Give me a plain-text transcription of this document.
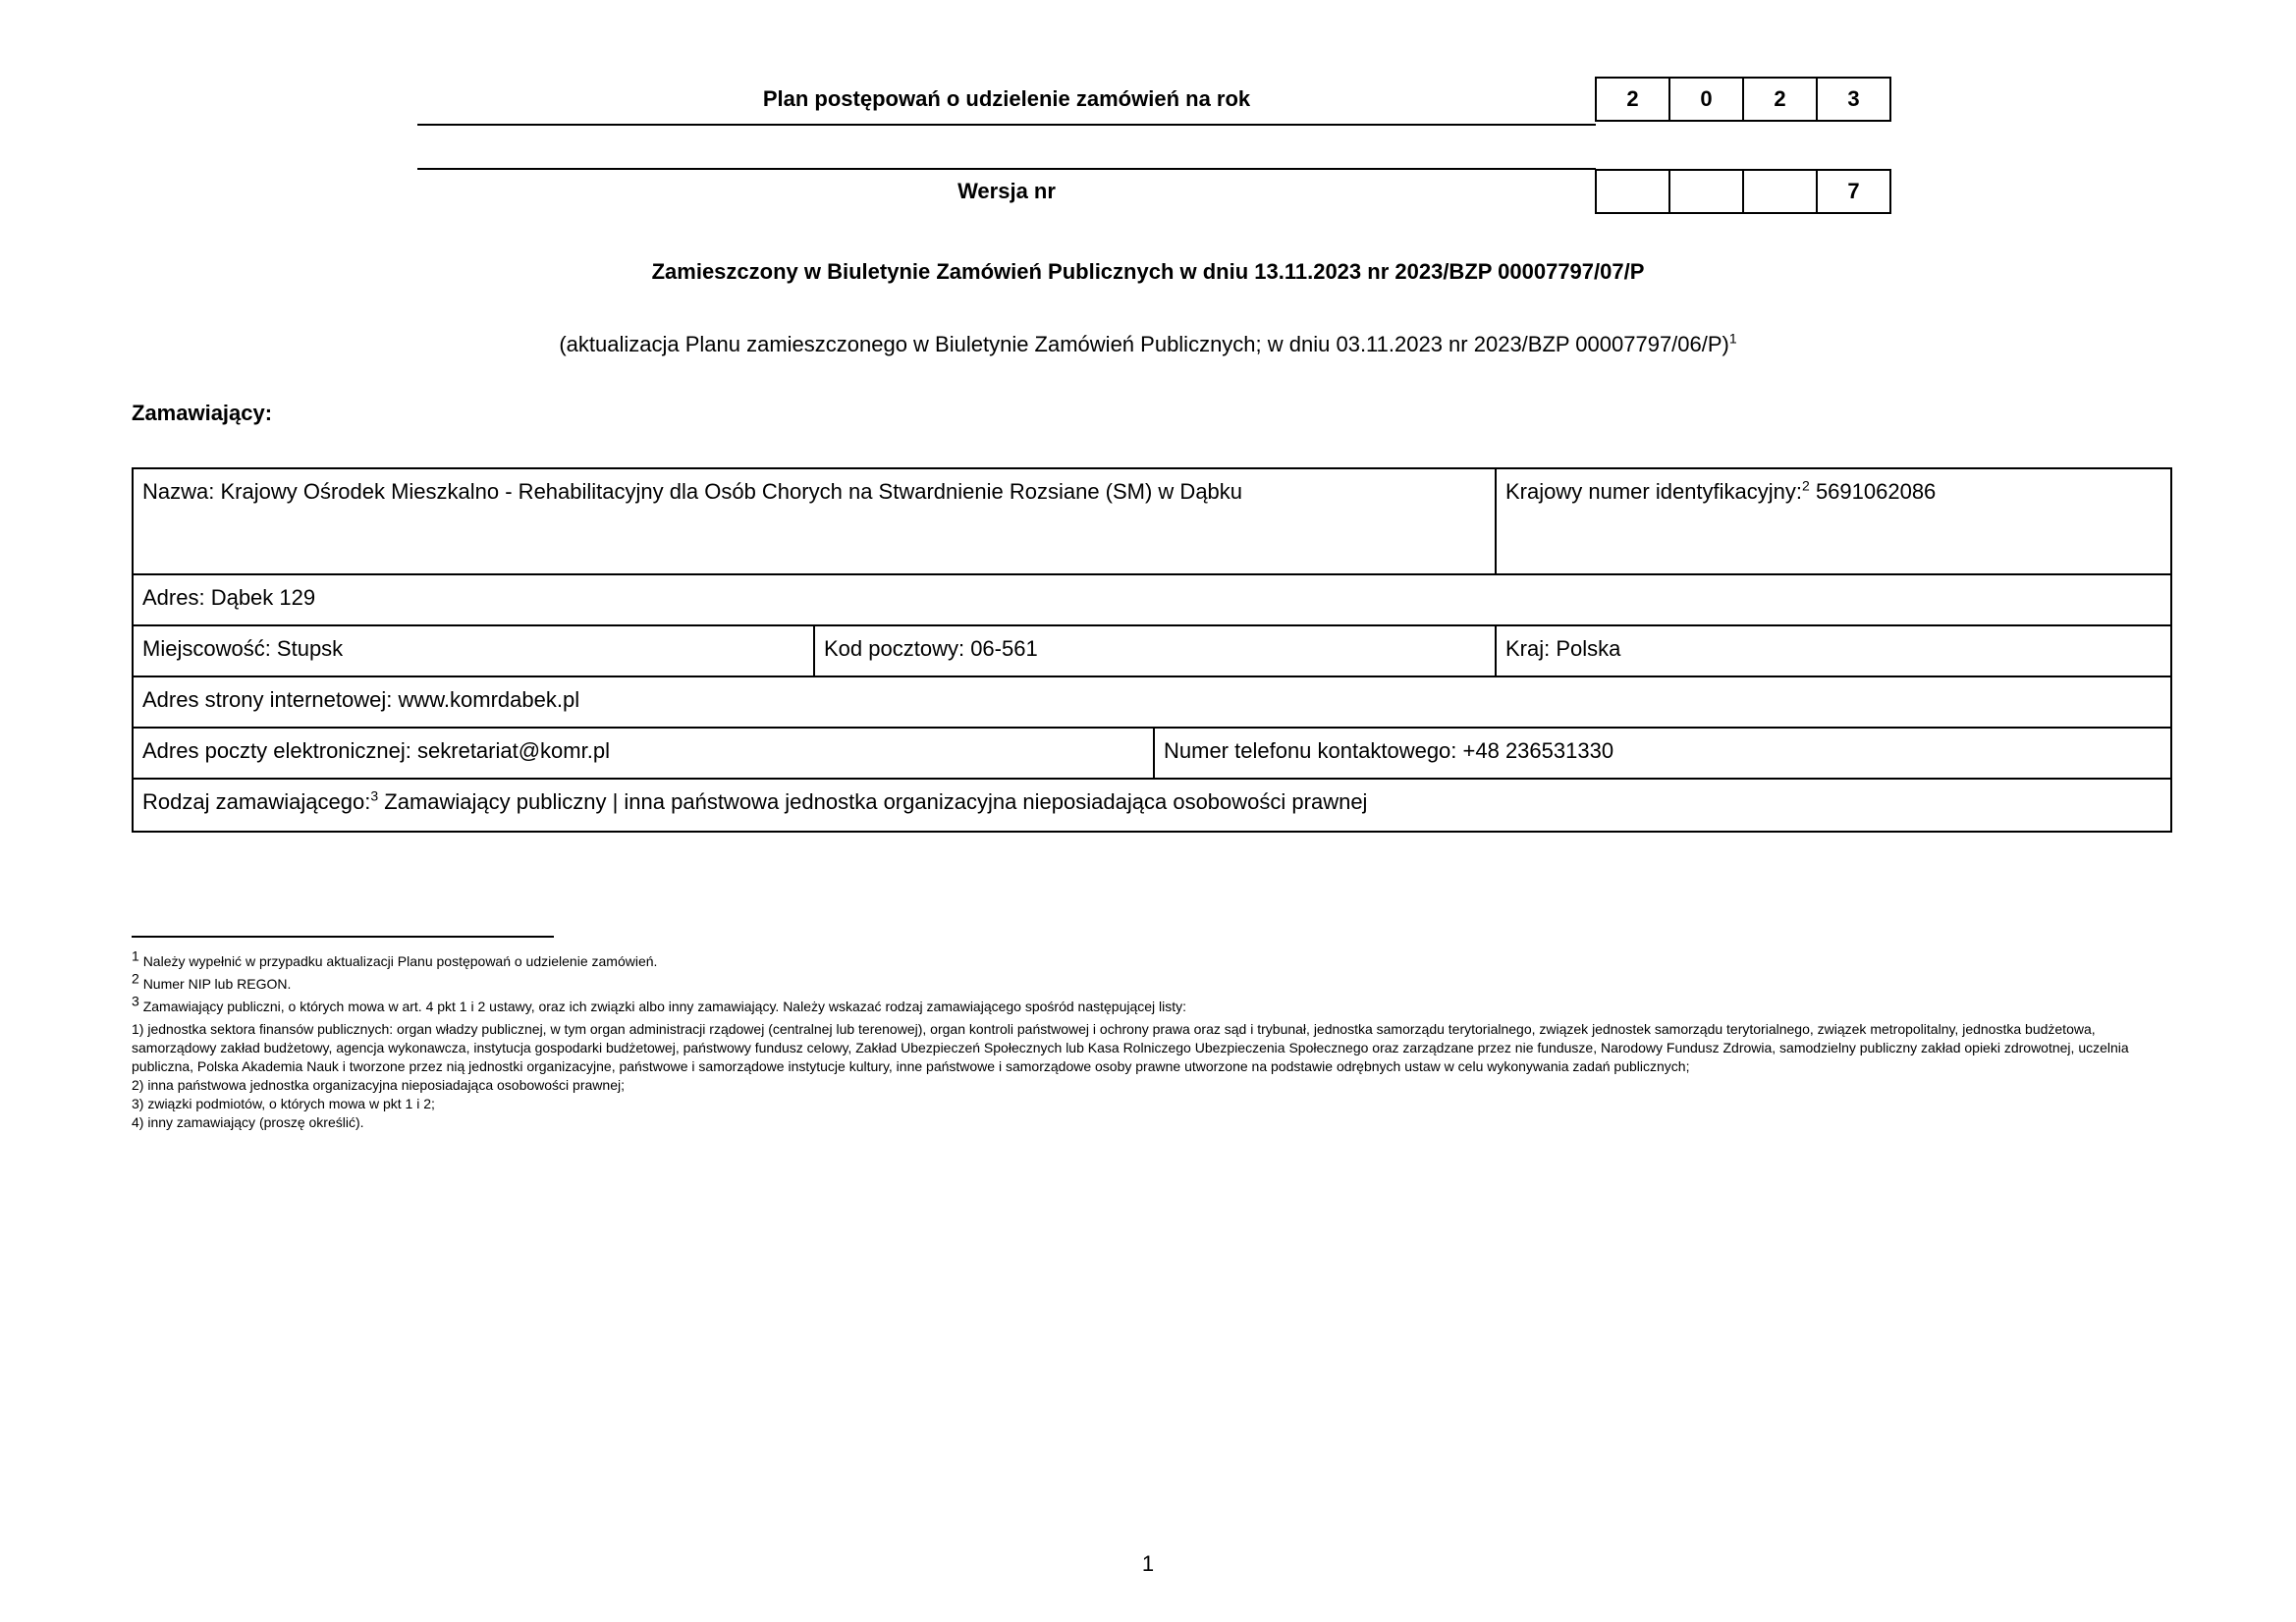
Plan postępowań o udzielenie zamówień na rok	2	0	2	3
Wersja nr	7
Zamieszczony w Biuletynie Zamówień Publicznych w dniu 13.11.2023 nr 2023/BZP 00007797/07/P
(aktualizacja Planu zamieszczonego w Biuletynie Zamówień Publicznych; w dniu 03.11.2023 nr 2023/BZP 00007797/06/P)$^1$
Zamawiający:
Nazwa: Krajowy Ośrodek Mieszkalno - Rehabilitacyjny dla Osób Chorych na Stwardnienie Rozsiane (SM) w Dąbku	Krajowy numer identyfikacyjny:$^2$ 5691062086
Adres: Dąbek 129
Miejscowość: Stupsk	Kod pocztowy: 06-561	Kraj: Polska
Adres strony internetowej: www.komrdabek.pl
Adres poczty elektronicznej: sekretariat@komr.pl	Numer telefonu kontaktowego: +48 236531330
Rodzaj zamawiającego:$^3$ Zamawiający publiczny | inna państwowa jednostka organizacyjna nieposiadająca osobowości prawnej

$^1$ Należy wypełnić w przypadku aktualizacji Planu postępowań o udzielenie zamówień.

$^2$ Numer NIP lub REGON.

$^3$ Zamawiający publiczni, o których mowa w art. 4 pkt 1 i 2 ustawy, oraz ich związki albo inny zamawiający. Należy wskazać rodzaj zamawiającego spośród następującej listy:

1) jednostka sektora finansów publicznych: organ władzy publicznej, w tym organ administracji rządowej (centralnej lub terenowej), organ kontroli państwowej i ochrony prawa oraz sąd i trybunał, jednostka samorządu terytorialnego, związek jednostek samorządu terytorialnego, związek metropolitalny, jednostka budżetowa, samorządowy zakład budżetowy, agencja wykonawcza, instytucja gospodarki budżetowej, państwowy fundusz celowy, Zakład Ubezpieczeń Społecznych lub Kasa Rolniczego Ubezpieczenia Społecznego oraz zarządzane przez nie fundusze, Narodowy Fundusz Zdrowia, samodzielny publiczny zakład opieki zdrowotnej, uczelnia publiczna, Polska Akademia Nauk i tworzone przez nią jednostki organizacyjne, państwowe i samorządowe instytucje kultury, inne państwowe i samorządowe osoby prawne utworzone na podstawie odrębnych ustaw w celu wykonywania zadań publicznych;

2) inna państwowa jednostka organizacyjna nieposiadająca osobowości prawnej;

3) związki podmiotów, o których mowa w pkt 1 i 2;

4) inny zamawiający (proszę określić).

1
